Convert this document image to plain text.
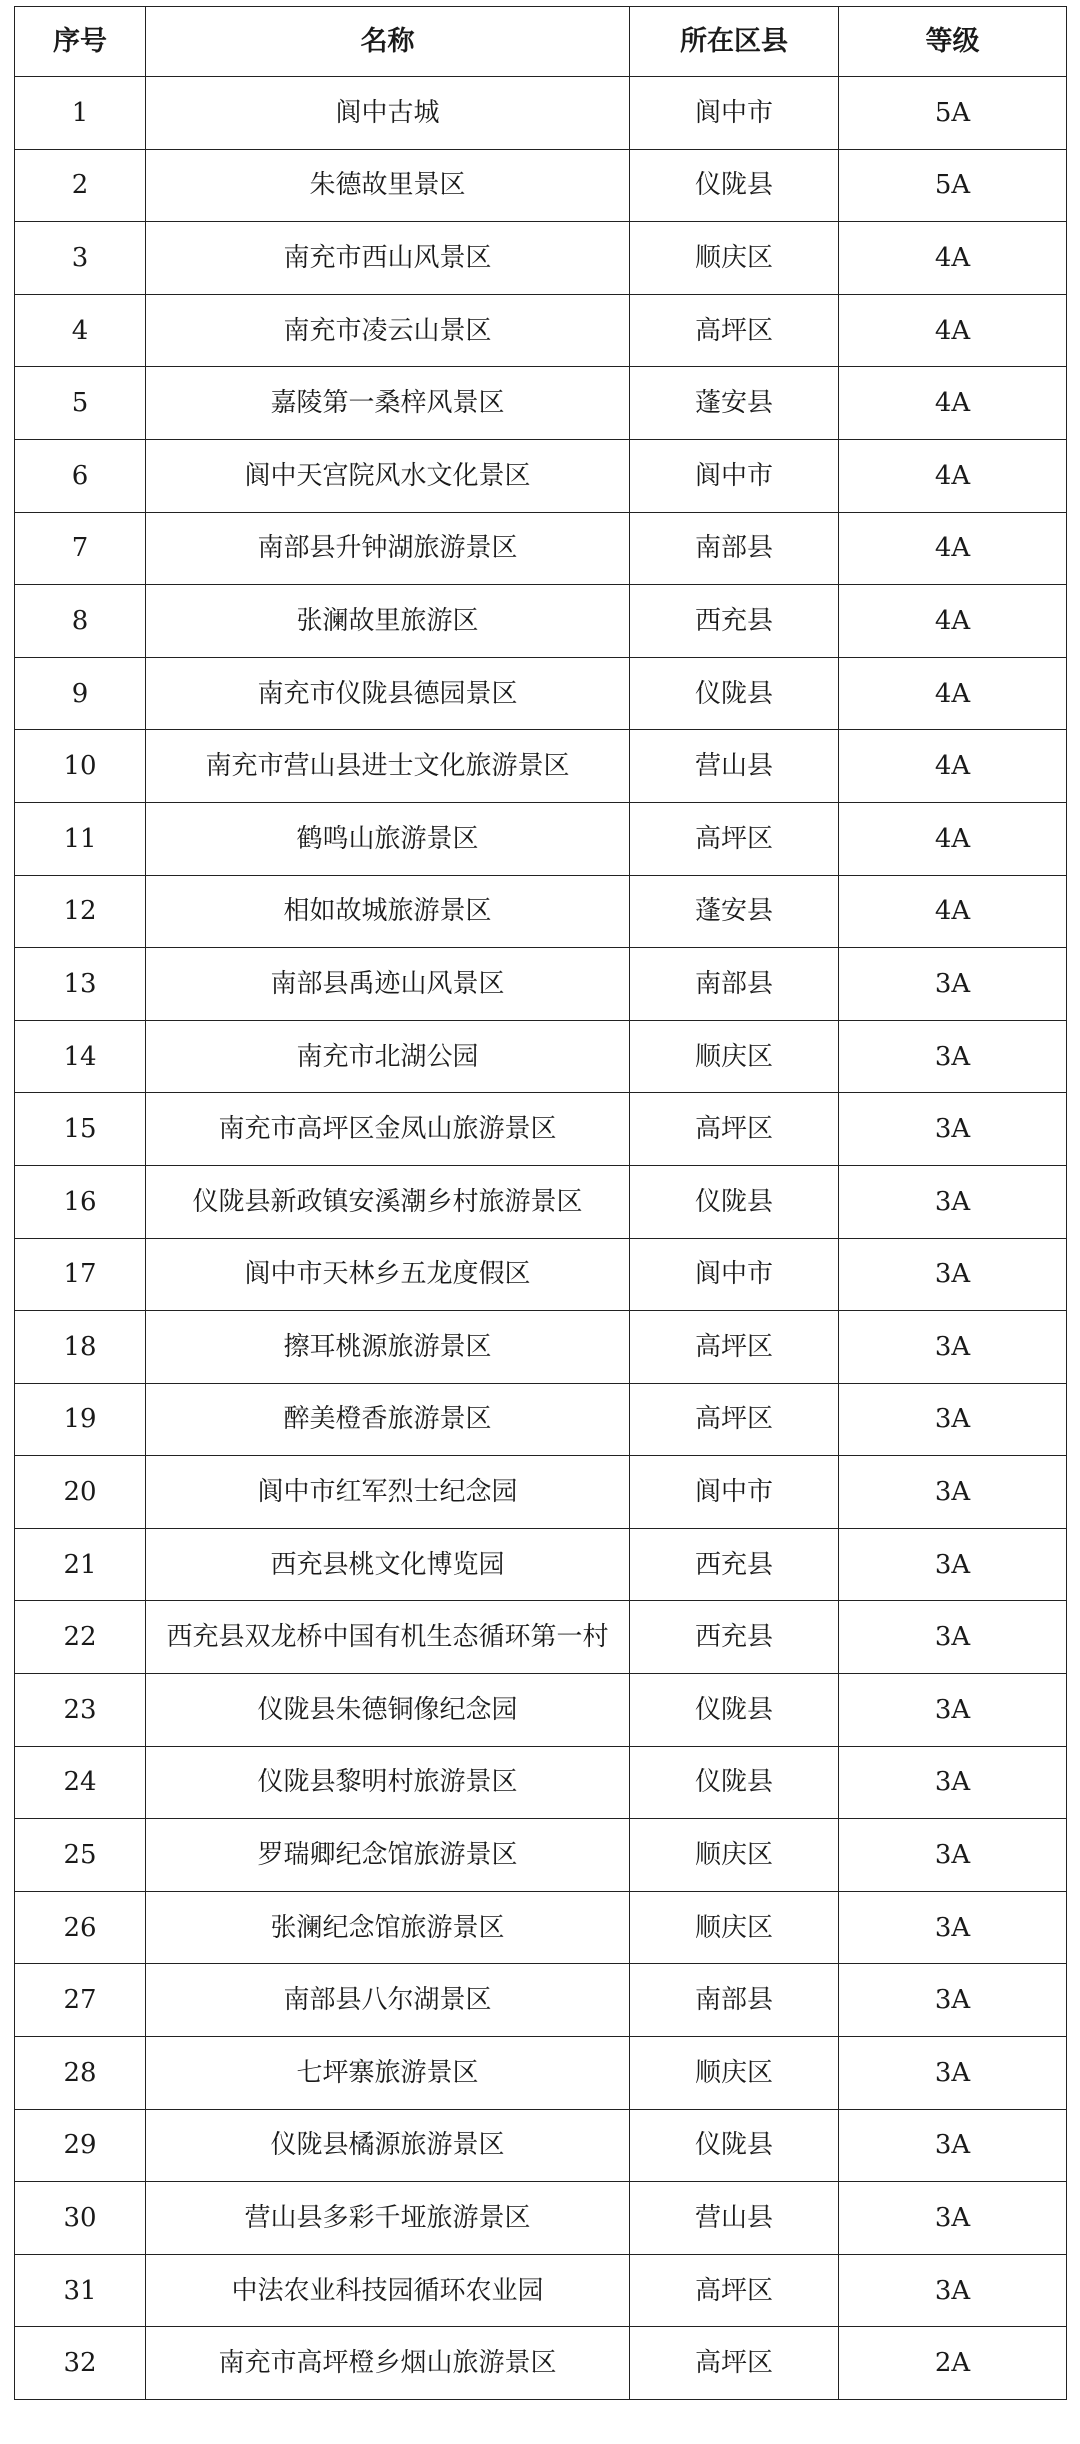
序号	名称	所在区县	等级
1	阆中古城	阆中市	5A
2	朱德故里景区	仪陇县	5A
3	南充市西山风景区	顺庆区	4A
4	南充市凌云山景区	高坪区	4A
5	嘉陵第一桑梓风景区	蓬安县	4A
6	阆中天宫院风水文化景区	阆中市	4A
7	南部县升钟湖旅游景区	南部县	4A
8	张澜故里旅游区	西充县	4A
9	南充市仪陇县德园景区	仪陇县	4A
10	南充市营山县进士文化旅游景区	营山县	4A
11	鹤鸣山旅游景区	高坪区	4A
12	相如故城旅游景区	蓬安县	4A
13	南部县禹迹山风景区	南部县	3A
14	南充市北湖公园	顺庆区	3A
15	南充市高坪区金凤山旅游景区	高坪区	3A
16	仪陇县新政镇安溪潮乡村旅游景区	仪陇县	3A
17	阆中市天林乡五龙度假区	阆中市	3A
18	擦耳桃源旅游景区	高坪区	3A
19	醉美橙香旅游景区	高坪区	3A
20	阆中市红军烈士纪念园	阆中市	3A
21	西充县桃文化博览园	西充县	3A
22	西充县双龙桥中国有机生态循环第一村	西充县	3A
23	仪陇县朱德铜像纪念园	仪陇县	3A
24	仪陇县黎明村旅游景区	仪陇县	3A
25	罗瑞卿纪念馆旅游景区	顺庆区	3A
26	张澜纪念馆旅游景区	顺庆区	3A
27	南部县八尔湖景区	南部县	3A
28	七坪寨旅游景区	顺庆区	3A
29	仪陇县橘源旅游景区	仪陇县	3A
30	营山县多彩千垭旅游景区	营山县	3A
31	中法农业科技园循环农业园	高坪区	3A
32	南充市高坪橙乡烟山旅游景区	高坪区	2A
